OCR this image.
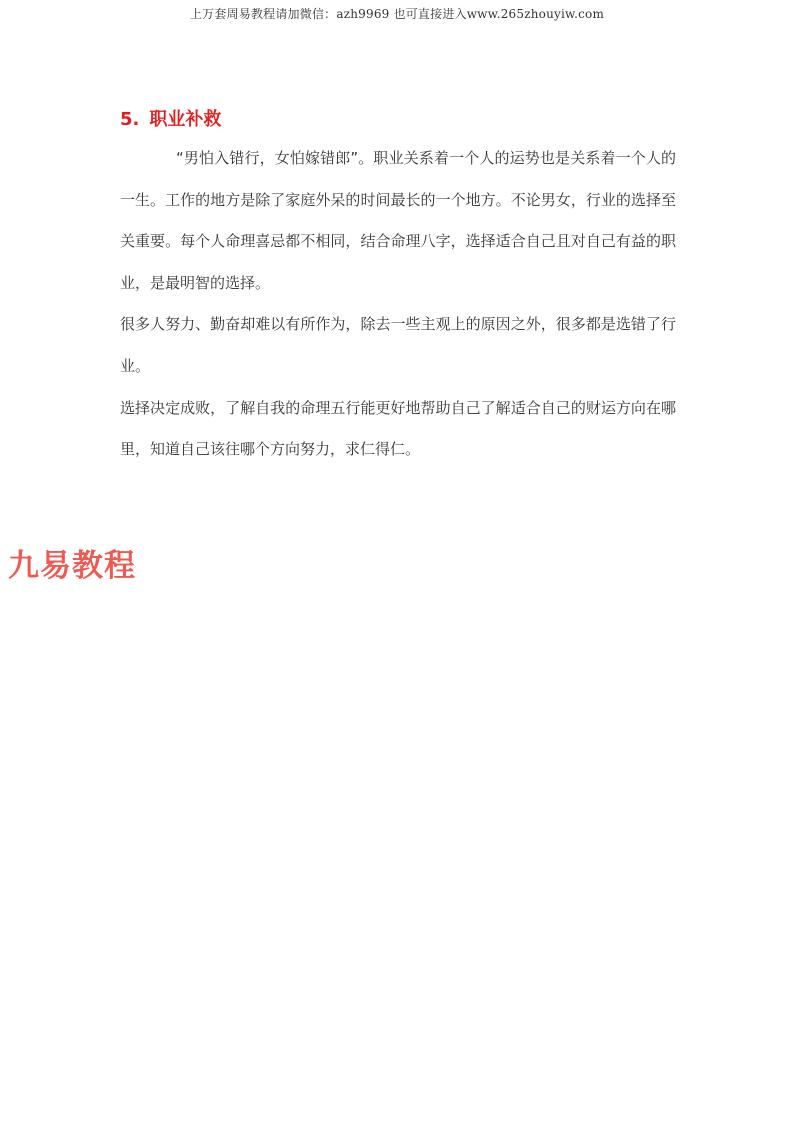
上万套周易教程请加微信：azh9969 也可直接进入www.265zhouyiw.com
5. 职业补救

“男怕入错行，女怕嫁错郎”。职业关系着一个人的运势也是关系着一个人的一生。工作的地方是除了家庭外呆的时间最长的一个地方。不论男女，行业的选择至关重要。每个人命理喜忌都不相同，结合命理八字，选择适合自己且对自己有益的职业，是最明智的选择。

很多人努力、勤奋却难以有所作为，除去一些主观上的原因之外，很多都是选错了行业。

选择决定成败，了解自我的命理五行能更好地帮助自己了解适合自己的财运方向在哪里，知道自己该往哪个方向努力，求仁得仁。

九易教程
